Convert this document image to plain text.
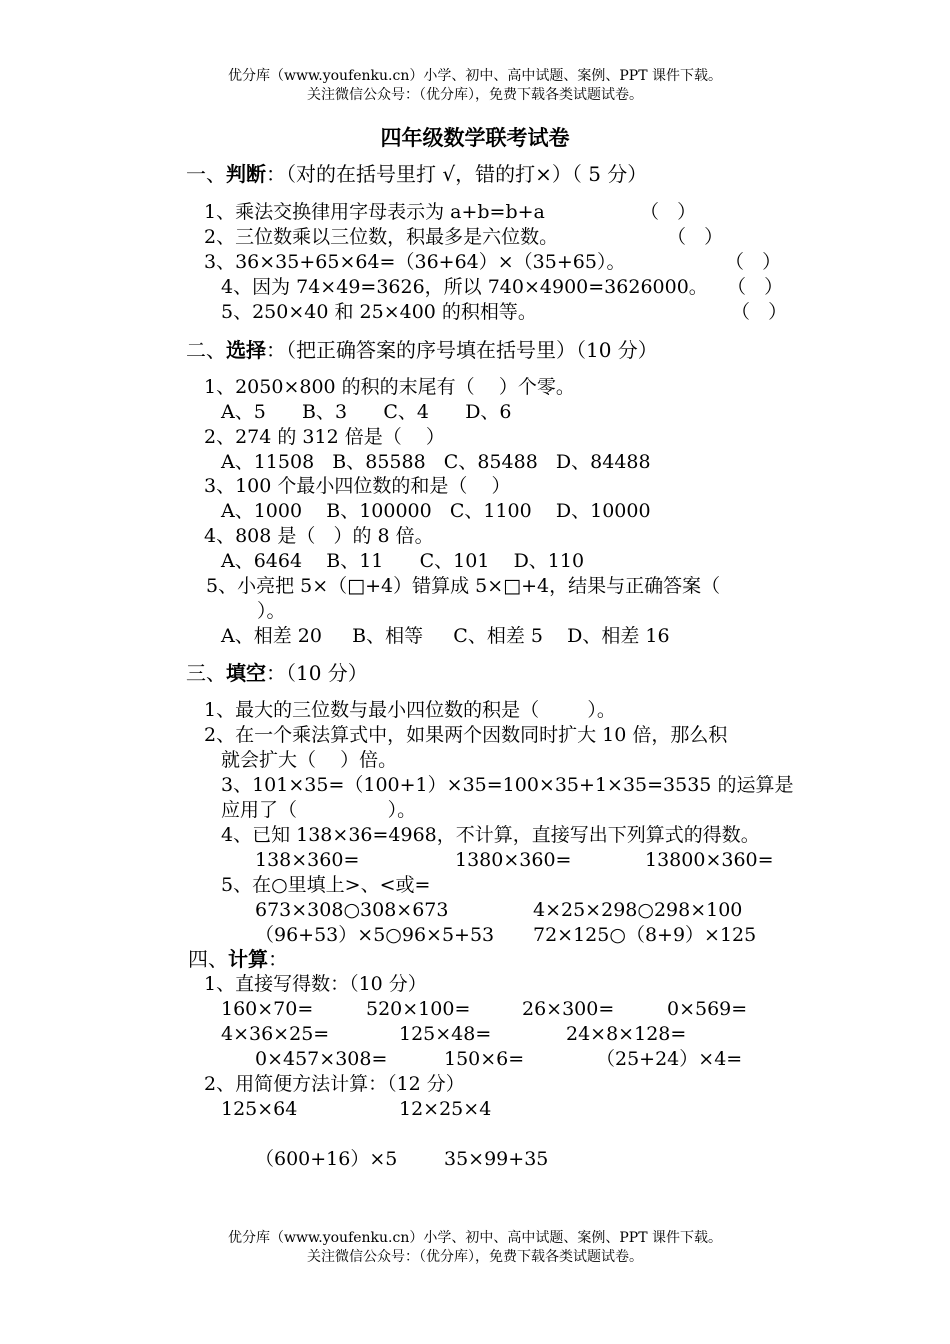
优分库（www.youfenku.cn）小学、初中、高中试题、案例、PPT 课件下载。
关注微信公众号：（优分库），免费下载各类试题试卷。
四年级数学联考试卷
一、判断：（对的在括号里打 √，错的打×）（ 5 分）
1、乘法交换律用字母表示为 a+b=b+a	（   ）
2、三位数乘以三位数，积最多是六位数。	（   ）
3、36×35+65×64=（36+64）×（35+65）。	（   ）
4、因为 74×49=3626，所以 740×4900=3626000。 （   ）
5、250×40 和 25×400 的积相等。	（   ）
二、选择：（把正确答案的序号填在括号里）（10 分）
1、2050×800 的积的末尾有（    ）个零。
A、5      B、3      C、4      D、6
2、274 的 312 倍是（    ）
A、11508   B、85588   C、85488   D、84488
3、100 个最小四位数的和是（    ）
A、1000    B、100000   C、1100    D、10000
4、808 是（   ）的 8 倍。
A、6464    B、11      C、101    D、110
5、小亮把 5×（□+4）错算成 5×□+4，结果与正确答案（
）。
A、相差 20     B、相等     C、相差 5    D、相差 16
三、填空：（10 分）
1、最大的三位数与最小四位数的积是（        ）。
2、在一个乘法算式中，如果两个因数同时扩大 10 倍，那么积
就会扩大（    ）倍。
3、101×35=（100+1）×35=100×35+1×35=3535 的运算是
应用了（               ）。
4、已知 138×36=4968，不计算，直接写出下列算式的得数。
138×360=	1380×360=	13800×360=
5、在○里填上>、<或=
673×308○308×673	4×25×298○298×100
（96+53）×5○96×5+53 72×125○（8+9）×125
四、计算：
1、直接写得数：（10 分）
160×70=	520×100=	26×300=	0×569=
4×36×25=	125×48=	24×8×128=
0×457×308=	150×6=	（25+24）×4=
2、用简便方法计算：（12 分）
125×64	12×25×4
（600+16）×5 35×99+35
优分库（www.youfenku.cn）小学、初中、高中试题、案例、PPT 课件下载。
关注微信公众号：（优分库），免费下载各类试题试卷。
